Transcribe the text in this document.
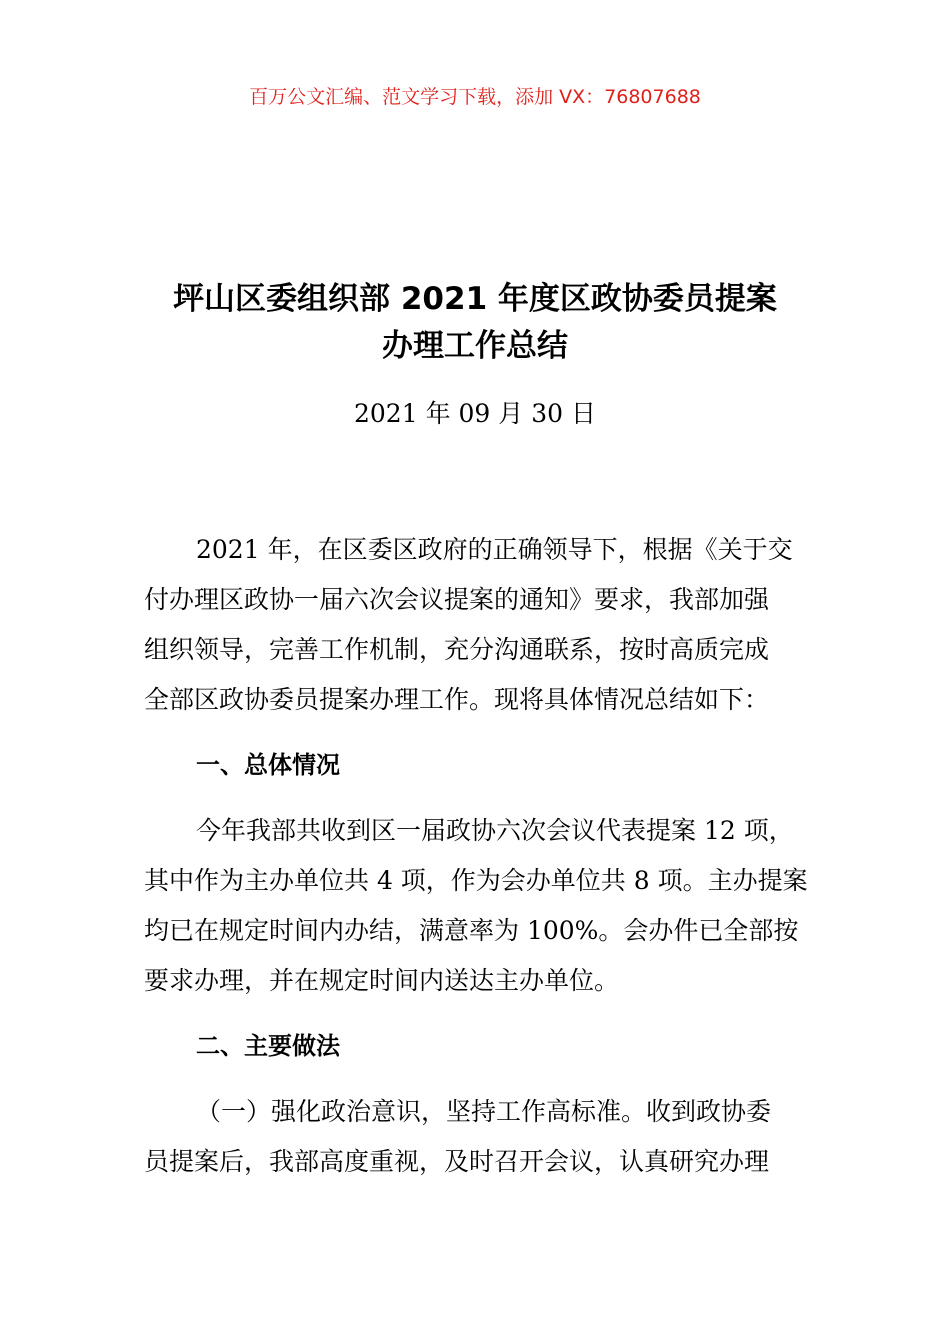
百万公文汇编、范文学习下载，添加 VX：76807688
坪山区委组织部 2021 年度区政协委员提案
办理工作总结
2021 年 09 月 30 日
2021 年，在区委区政府的正确领导下，根据《关于交
付办理区政协一届六次会议提案的通知》要求，我部加强
组织领导，完善工作机制，充分沟通联系，按时高质完成
全部区政协委员提案办理工作。现将具体情况总结如下：
一、总体情况
今年我部共收到区一届政协六次会议代表提案 12 项，
其中作为主办单位共 4 项，作为会办单位共 8 项。主办提案
均已在规定时间内办结，满意率为 100%。会办件已全部按
要求办理，并在规定时间内送达主办单位。
二、主要做法
（一）强化政治意识，坚持工作高标准。收到政协委
员提案后，我部高度重视，及时召开会议，认真研究办理
